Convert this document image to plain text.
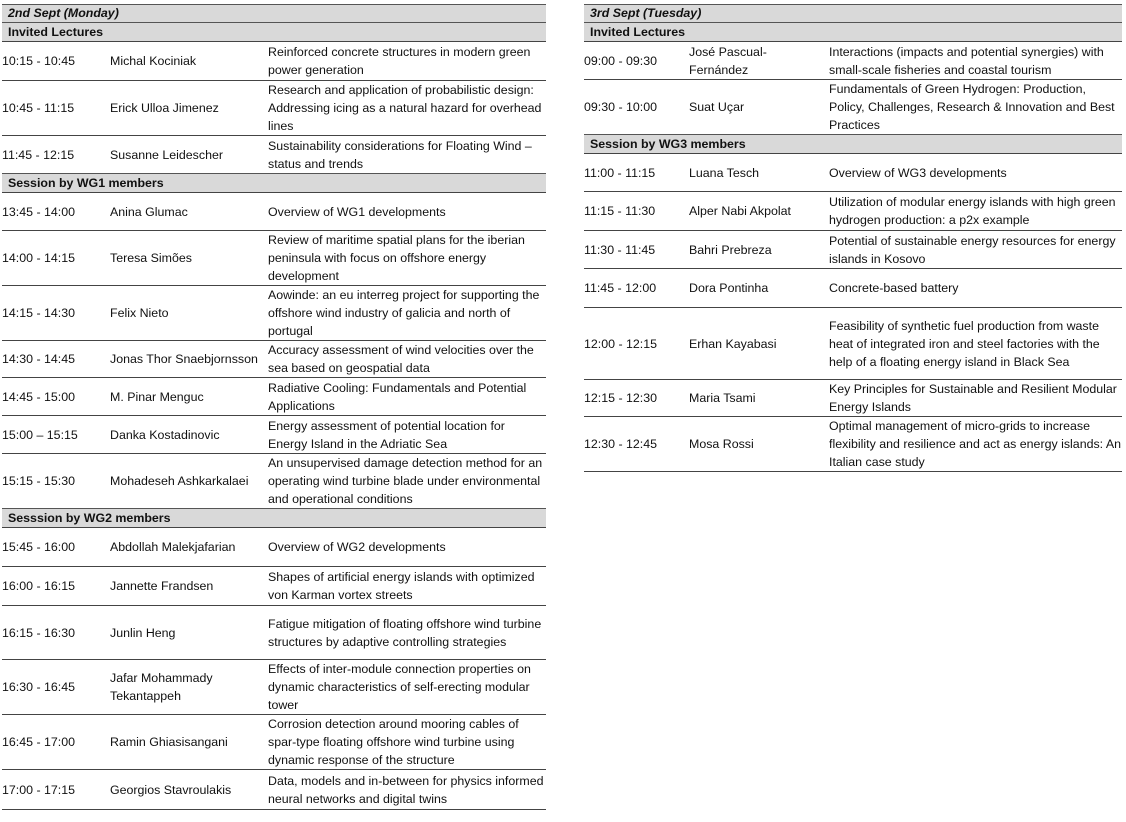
2nd Sept (Monday)		
Invited Lectures		
10:15 - 10:45	Michal Kociniak	Reinforced concrete structures in modern green power generation
10:45 - 11:15	Erick Ulloa Jimenez	Research and application of probabilistic design: Addressing icing as a natural hazard for overhead lines
11:45 - 12:15	Susanne Leidescher	Sustainability considerations for Floating Wind – status and trends
Session by WG1 members		
13:45 - 14:00	Anina Glumac	Overview of WG1 developments
14:00 - 14:15	Teresa Simões	Review of maritime spatial plans for the iberian peninsula with focus on offshore energy development
14:15 - 14:30	Felix Nieto	Aowinde: an eu interreg project for supporting the offshore wind industry of galicia and north of portugal
14:30 - 14:45	Jonas Thor Snaebjornsson	Accuracy assessment of wind velocities over the sea based on geospatial data
14:45 - 15:00	M. Pinar Menguc	Radiative Cooling: Fundamentals and Potential Applications
15:00 – 15:15	Danka Kostadinovic	Energy assessment of potential location for Energy Island in the Adriatic Sea
15:15 - 15:30	Mohadeseh Ashkarkalaei	An unsupervised damage detection method for an operating wind turbine blade under environmental and operational conditions
Sesssion by WG2 members		
15:45 - 16:00	Abdollah Malekjafarian	Overview of WG2 developments
16:00 - 16:15	Jannette Frandsen	Shapes of artificial energy islands with optimized von Karman vortex streets
16:15 - 16:30	Junlin Heng	Fatigue mitigation of floating offshore wind turbine structures by adaptive controlling strategies
16:30 - 16:45	Jafar Mohammady Tekantappeh	Effects of inter-module connection properties on dynamic characteristics of self-erecting modular tower
16:45 - 17:00	Ramin Ghiasisangani	Corrosion detection around mooring cables of spar-type floating offshore wind turbine using dynamic response of the structure
17:00 - 17:15	Georgios Stavroulakis	Data, models and in-between for physics informed neural networks and digital twins
3rd Sept (Tuesday)		
Invited Lectures		
09:00 - 09:30	José Pascual-Fernández	Interactions (impacts and potential synergies) with small-scale fisheries and coastal tourism
09:30 - 10:00	Suat Uçar	Fundamentals of Green Hydrogen: Production, Policy, Challenges, Research & Innovation and Best Practices
Session by WG3 members		
11:00 - 11:15	Luana Tesch	Overview of WG3 developments
11:15 - 11:30	Alper Nabi Akpolat	Utilization of modular energy islands with high green hydrogen production: a p2x example
11:30 - 11:45	Bahri Prebreza	Potential of sustainable energy resources for energy islands in Kosovo
11:45 - 12:00	Dora Pontinha	Concrete-based battery
12:00 - 12:15	Erhan Kayabasi	Feasibility of synthetic fuel production from waste heat of integrated iron and steel factories with the help of a floating energy island in Black Sea
12:15 - 12:30	Maria Tsami	Key Principles for Sustainable and Resilient Modular Energy Islands
12:30 - 12:45	Mosa Rossi	Optimal management of micro-grids to increase flexibility and resilience and act as energy islands: An Italian case study
